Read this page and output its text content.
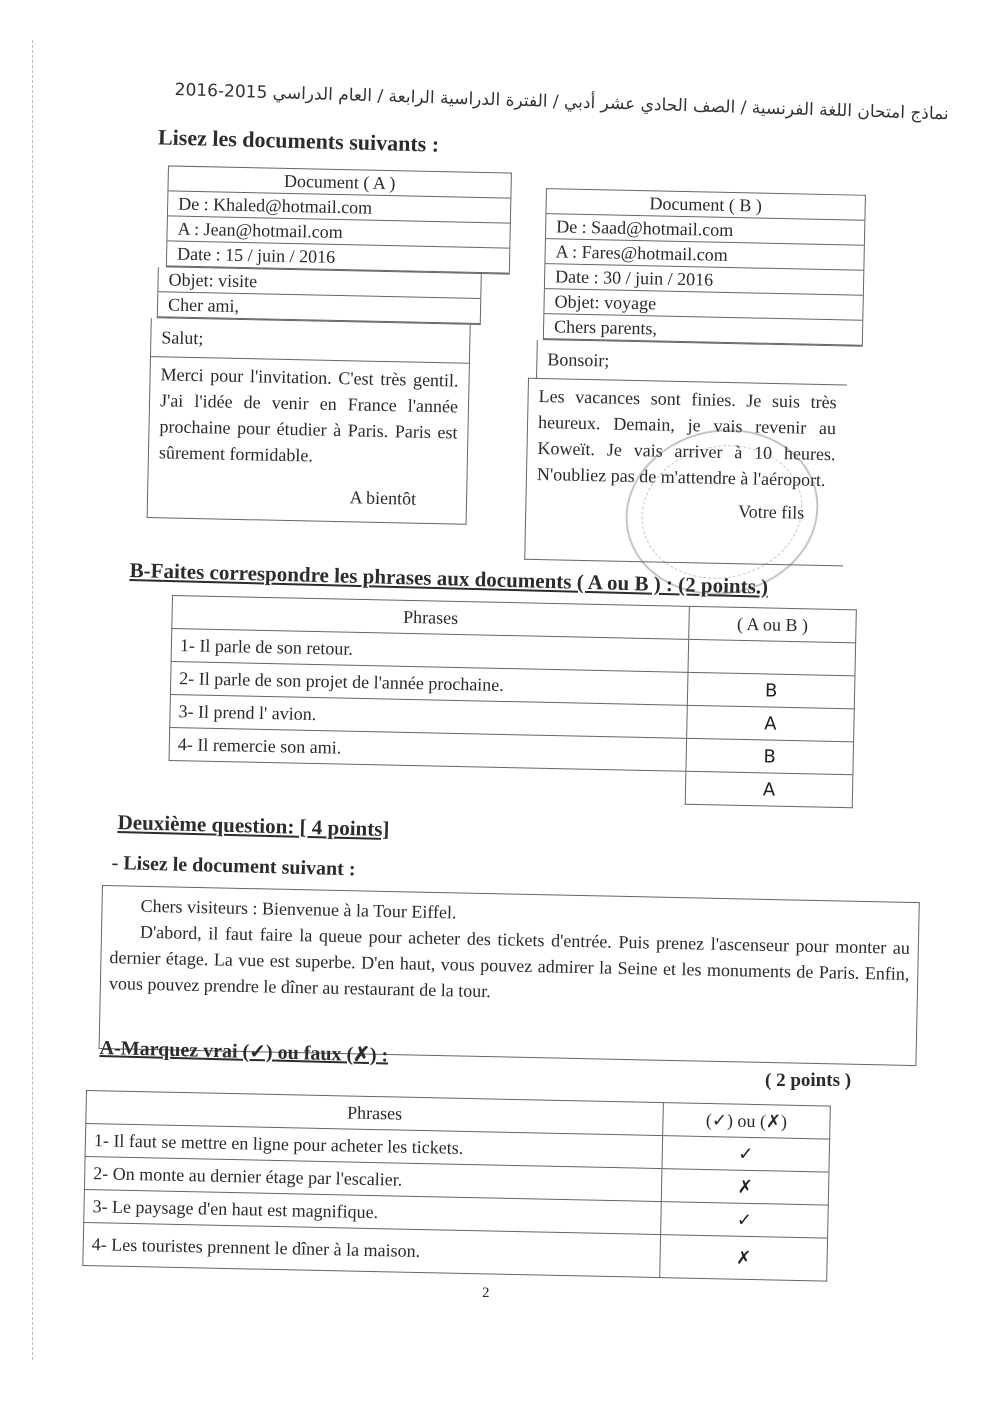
نماذج امتحان اللغة الفرنسية / الصف الحادي عشر أدبي / الفترة الدراسية الرابعة / العام الدراسي 2015-2016
Lisez les documents suivants :
Document ( A )
De : Khaled@hotmail.com
A : Jean@hotmail.com
Date : 15 / juin / 2016
Objet: visite
Cher ami,
Salut;
Merci pour l'invitation. C'est très gentil. J'ai l'idée de venir en France l'année prochaine pour étudier à Paris. Paris est sûrement formidable.
A bientôt
Document ( B )
De : Saad@hotmail.com
A : Fares@hotmail.com
Date : 30 / juin / 2016
Objet: voyage
Chers parents,
Bonsoir;
Les vacances sont finies. Je suis très heureux. Demain, je vais revenir au Koweït. Je vais arriver à 10 heures. N'oubliez pas de m'attendre à l'aéroport.
Votre fils
B-Faites correspondre les phrases aux documents ( A ou B ) : (2 points.)
Phrases	( A ou B )
1- Il parle de son retour.	
2- Il parle de son projet de l'année prochaine.	B
3- Il prend l' avion.	A
4- Il remercie son ami.	B
	A
Deuxième question: [ 4 points]
- Lisez le document suivant :
Chers visiteurs : Bienvenue à la Tour Eiffel.
D'abord, il faut faire la queue pour acheter des tickets d'entrée. Puis prenez l'ascenseur pour monter au dernier étage. La vue est superbe. D'en haut, vous pouvez admirer la Seine et les monuments de Paris. Enfin, vous pouvez prendre le dîner au restaurant de la tour.
A-Marquez vrai (✓) ou faux (✗) :
( 2 points )
Phrases	(✓) ou (✗)
1- Il faut se mettre en ligne pour acheter les tickets.	✓
2- On monte au dernier étage par l'escalier.	✗
3- Le paysage d'en haut est magnifique.	✓
4- Les touristes prennent le dîner à la maison.	✗
2
